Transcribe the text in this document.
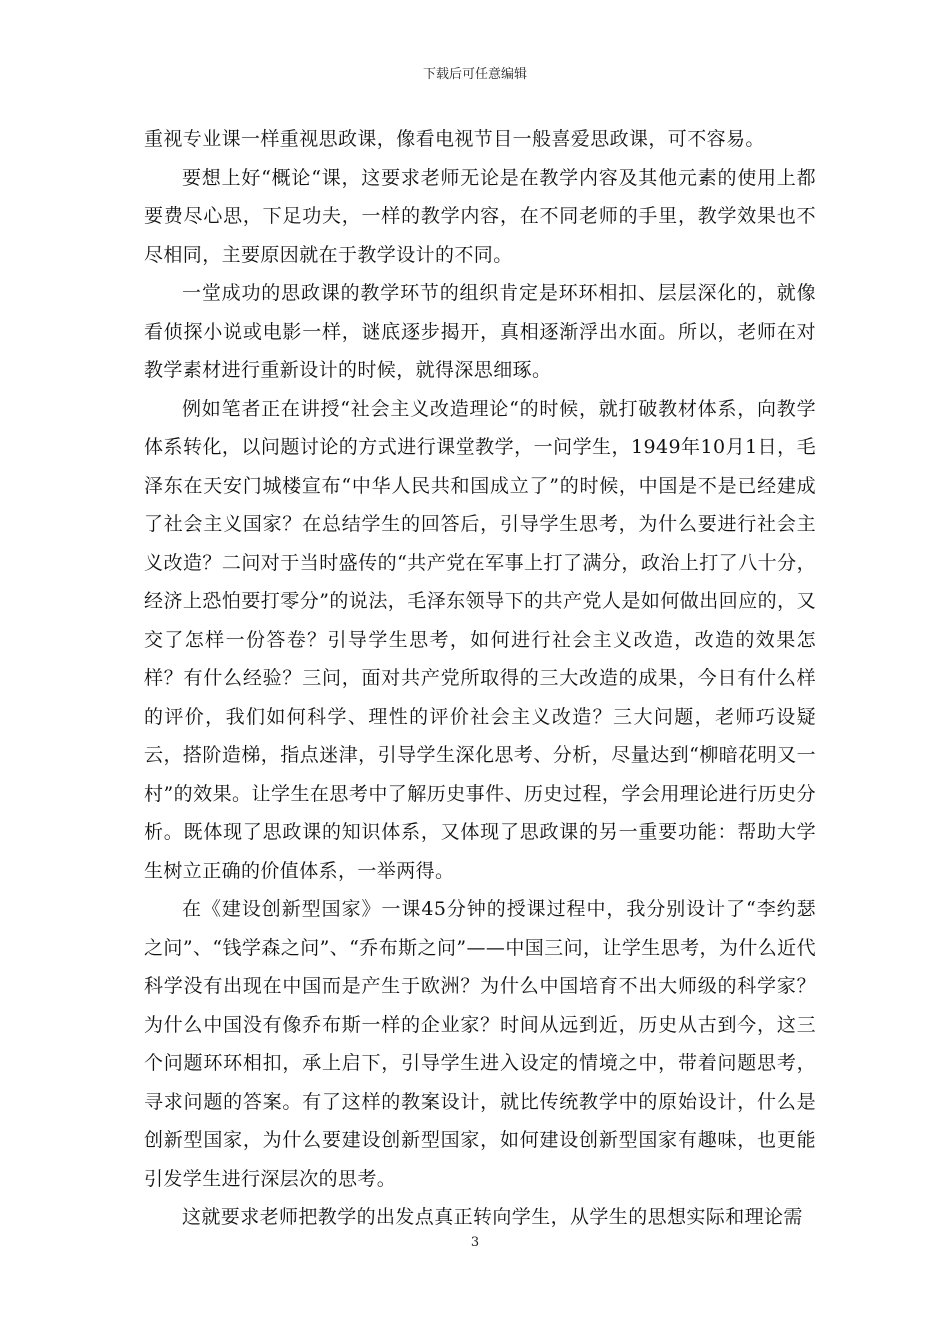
下载后可任意编辑

重视专业课一样重视思政课，像看电视节目一般喜爱思政课，可不容易。

要想上好“概论“课，这要求老师无论是在教学内容及其他元素的使用上都要费尽心思，下足功夫，一样的教学内容，在不同老师的手里，教学效果也不尽相同，主要原因就在于教学设计的不同。

一堂成功的思政课的教学环节的组织肯定是环环相扣、层层深化的，就像看侦探小说或电影一样，谜底逐步揭开，真相逐渐浮出水面。所以，老师在对教学素材进行重新设计的时候，就得深思细琢。

例如笔者正在讲授“社会主义改造理论“的时候，就打破教材体系，向教学体系转化，以问题讨论的方式进行课堂教学，一问学生，1949年10月1日，毛泽东在天安门城楼宣布“中华人民共和国成立了”的时候，中国是不是已经建成了社会主义国家？在总结学生的回答后，引导学生思考，为什么要进行社会主义改造？二问对于当时盛传的“共产党在军事上打了满分，政治上打了八十分，经济上恐怕要打零分”的说法，毛泽东领导下的共产党人是如何做出回应的，又交了怎样一份答卷？引导学生思考，如何进行社会主义改造，改造的效果怎样？有什么经验？三问，面对共产党所取得的三大改造的成果，今日有什么样的评价，我们如何科学、理性的评价社会主义改造？三大问题，老师巧设疑云，搭阶造梯，指点迷津，引导学生深化思考、分析，尽量达到“柳暗花明又一村”的效果。让学生在思考中了解历史事件、历史过程，学会用理论进行历史分析。既体现了思政课的知识体系，又体现了思政课的另一重要功能：帮助大学生树立正确的价值体系，一举两得。

在《建设创新型国家》一课45分钟的授课过程中，我分别设计了“李约瑟之问”、“钱学森之问”、“乔布斯之问”——中国三问，让学生思考，为什么近代科学没有出现在中国而是产生于欧洲？为什么中国培育不出大师级的科学家？为什么中国没有像乔布斯一样的企业家？时间从远到近，历史从古到今，这三个问题环环相扣，承上启下，引导学生进入设定的情境之中，带着问题思考，寻求问题的答案。有了这样的教案设计，就比传统教学中的原始设计，什么是创新型国家，为什么要建设创新型国家，如何建设创新型国家有趣味，也更能引发学生进行深层次的思考。

这就要求老师把教学的出发点真正转向学生，从学生的思想实际和理论需

3
